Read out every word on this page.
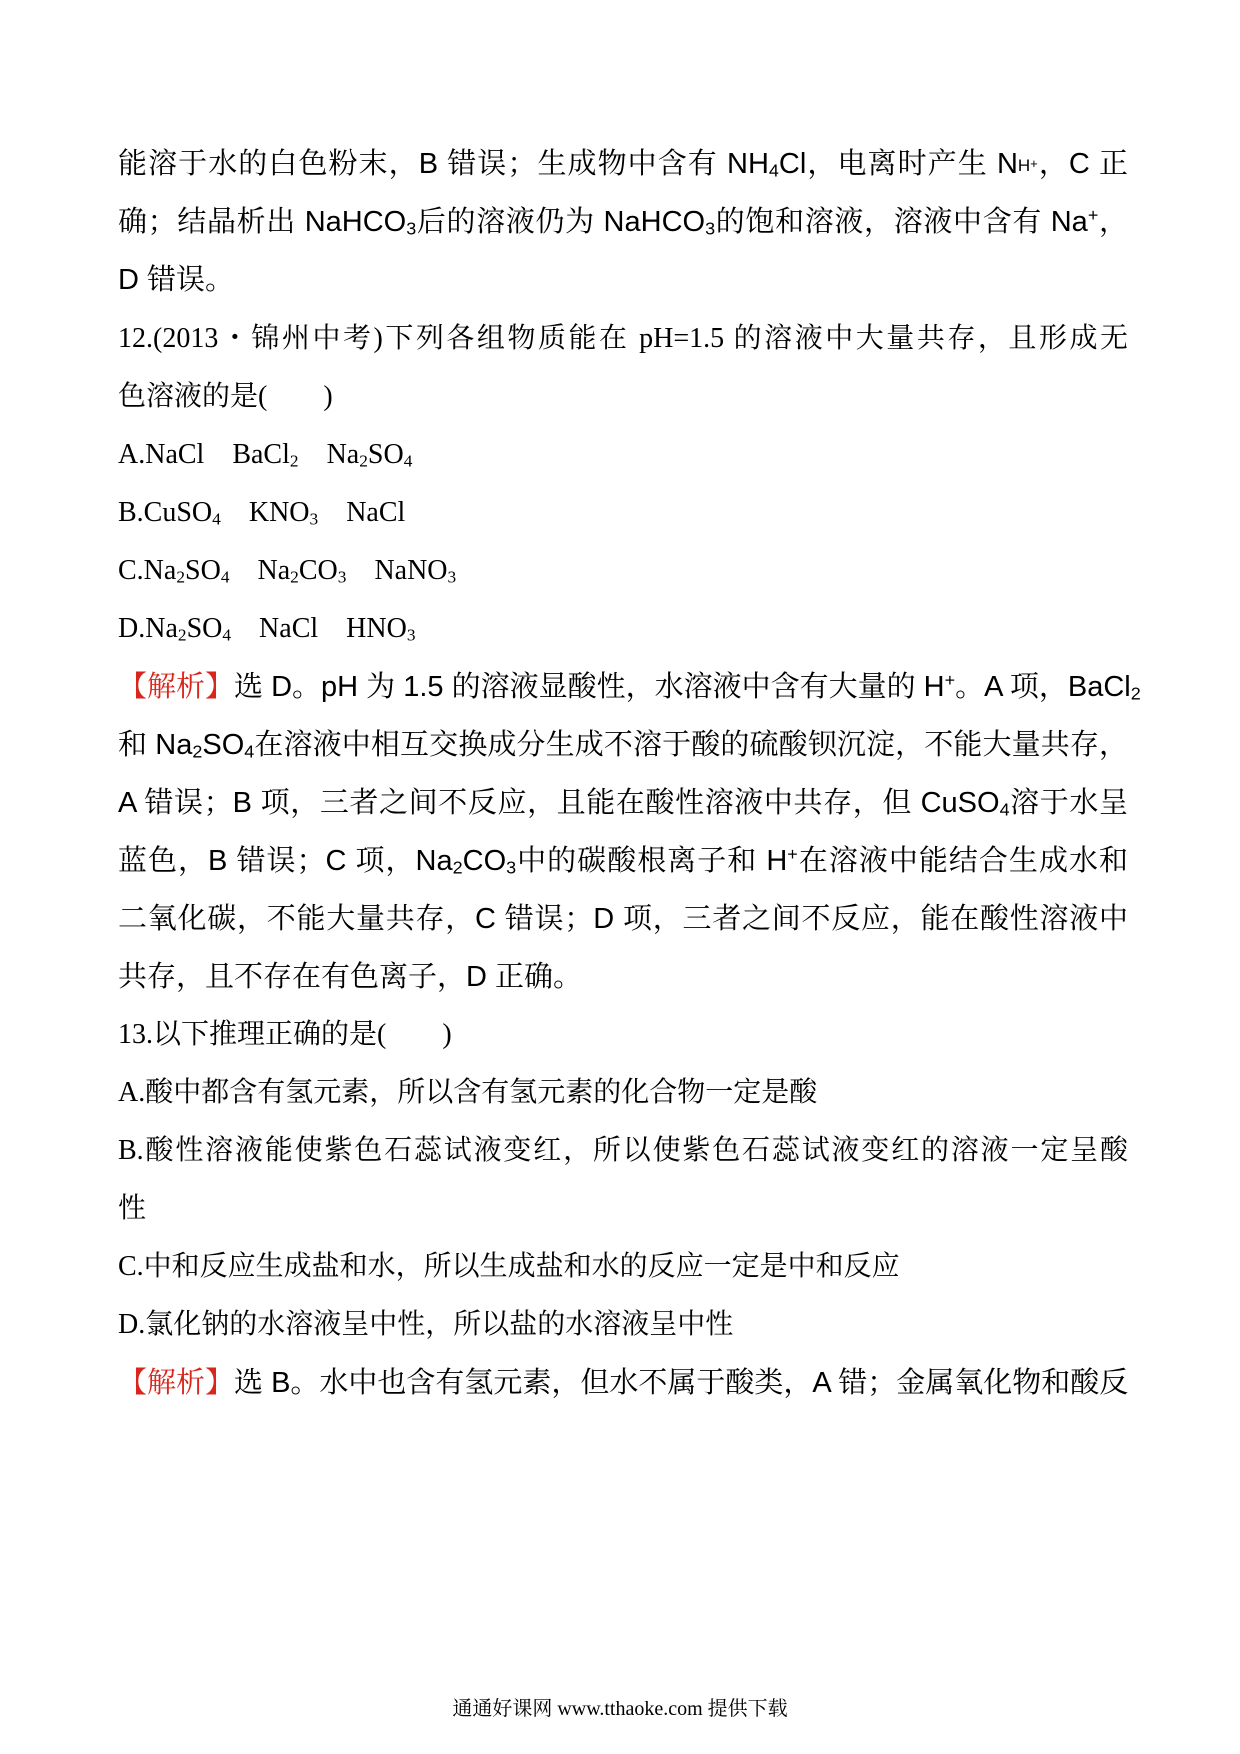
能溶于水的白色粉末，B 错误；生成物中含有 $NH_4Cl$，电离时产生 NH+，C 正
确；结晶析出 NaHCO$_3$后的溶液仍为 NaHCO$_3$的饱和溶液，溶液中含有 Na+，
D 错误。
12.(2013・锦州中考)下列各组物质能在 pH=1.5 的溶液中大量共存，且形成无
色溶液的是(　　)
A.NaCl BaCl$_2$ $Na_2SO_4$
B.CuSO$_4$ $KNO_3$ NaCl
$C.Na_2SO_4$ $Na_2CO_3$ NaNO$_3$
$D.Na_2SO_4$ NaCl $HNO_3$
【解析】选 D。pH 为 1.5 的溶液显酸性，水溶液中含有大量的 H+。A 项，BaCl$_2$
和 $Na_2SO_4$在溶液中相互交换成分生成不溶于酸的硫酸钡沉淀，不能大量共存，
A 错误；B 项，三者之间不反应，且能在酸性溶液中共存，但 CuSO$_4$溶于水呈
蓝色，B 错误；C 项，$Na_2CO_3$中的碳酸根离子和 H+在溶液中能结合生成水和
二氧化碳，不能大量共存，C 错误；D 项，三者之间不反应，能在酸性溶液中
共存，且不存在有色离子，D 正确。
13.以下推理正确的是(　　)
A.酸中都含有氢元素，所以含有氢元素的化合物一定是酸
B.酸性溶液能使紫色石蕊试液变红，所以使紫色石蕊试液变红的溶液一定呈酸
性
C.中和反应生成盐和水，所以生成盐和水的反应一定是中和反应
D.氯化钠的水溶液呈中性，所以盐的水溶液呈中性
【解析】选 B。水中也含有氢元素，但水不属于酸类，A 错；金属氧化物和酸反
通通好课网 www.tthaoke.com 提供下载
